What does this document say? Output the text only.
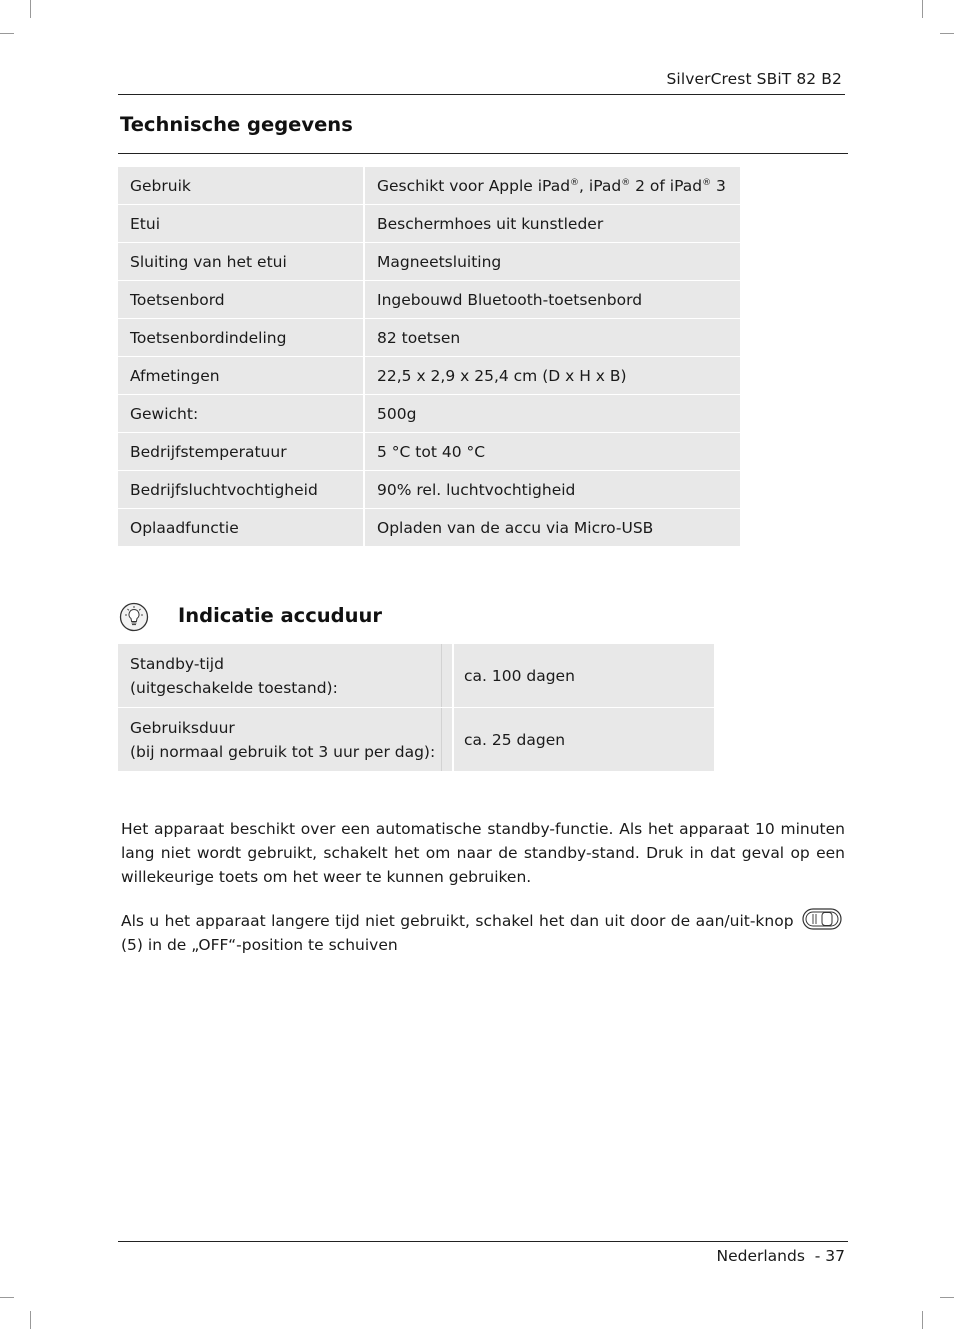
SilverCrest SBiT 82 B2
Technische gegevens
Gebruik	Geschikt voor Apple iPad®, iPad® 2 of iPad® 3
Etui	Beschermhoes uit kunstleder
Sluiting van het etui	Magneetsluiting
Toetsenbord	Ingebouwd Bluetooth-toetsenbord
Toetsenbordindeling	82 toetsen
Afmetingen	22,5 x 2,9 x 25,4 cm (D x H x B)
Gewicht:	500g
Bedrijfstemperatuur	5 °C tot 40 °C
Bedrijfsluchtvochtigheid	90% rel. luchtvochtigheid
Oplaadfunctie	Opladen van de accu via Micro-USB
Indicatie accuduur
Standby-tijd
(uitgeschakelde toestand):		ca. 100 dagen

Gebruiksduur
(bij normaal gebruik tot 3 uur per dag):		ca. 25 dagen
Het apparaat beschikt over een automatische standby-functie. Als het apparaat 10 minuten lang niet wordt gebruikt, schakelt het om naar de standby-stand. Druk in dat geval op een willekeurige toets om het weer te kunnen gebruiken.
Als u het apparaat langere tijd niet gebruikt, schakel het dan uit door de aan/uit-knop  (5) in de „OFF“-position te schuiven
Nederlands - 37
